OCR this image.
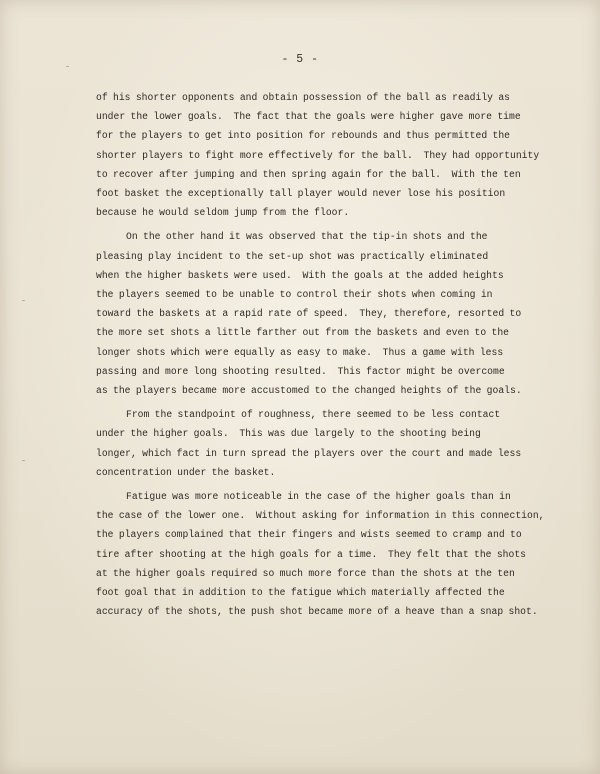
- 5 -
of his shorter opponents and obtain possession of the ball as readily as
under the lower goals.  The fact that the goals were higher gave more time
for the players to get into position for rebounds and thus permitted the
shorter players to fight more effectively for the ball.  They had opportunity
to recover after jumping and then spring again for the ball.  With the ten
foot basket the exceptionally tall player would never lose his position
because he would seldom jump from the floor.
On the other hand it was observed that the tip-in shots and the
pleasing play incident to the set-up shot was practically eliminated
when the higher baskets were used.  With the goals at the added heights
the players seemed to be unable to control their shots when coming in
toward the baskets at a rapid rate of speed.  They, therefore, resorted to
the more set shots a little farther out from the baskets and even to the
longer shots which were equally as easy to make.  Thus a game with less
passing and more long shooting resulted.  This factor might be overcome
as the players became more accustomed to the changed heights of the goals.
From the standpoint of roughness, there seemed to be less contact
under the higher goals.  This was due largely to the shooting being
longer, which fact in turn spread the players over the court and made less
concentration under the basket.
Fatigue was more noticeable in the case of the higher goals than in
the case of the lower one.  Without asking for information in this connection,
the players complained that their fingers and wists seemed to cramp and to
tire after shooting at the high goals for a time.  They felt that the shots
at the higher goals required so much more force than the shots at the ten
foot goal that in addition to the fatigue which materially affected the
accuracy of the shots, the push shot became more of a heave than a snap shot.
